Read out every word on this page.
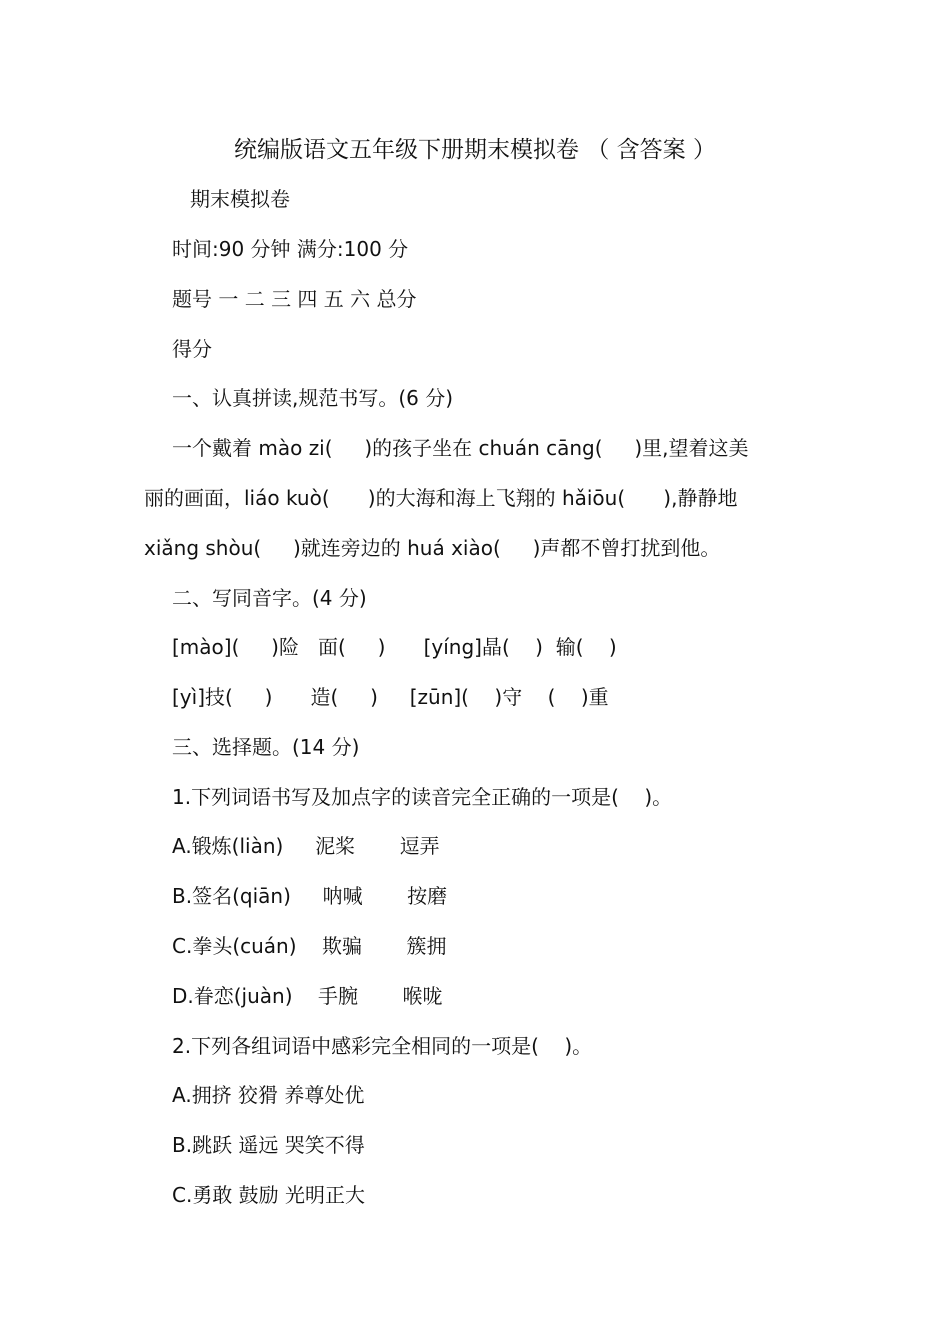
统编版语文五年级下册期末模拟卷 （ 含答案 ）
期末模拟卷
时间:90 分钟 满分:100 分
题号 一 二 三 四 五 六 总分
得分
一、认真拼读,规范书写。(6 分)
一个戴着 mào zi(     )的孩子坐在 chuán cāng(     )里,望着这美
丽的画面，liáo kuò(      )的大海和海上飞翔的 hǎiōu(      ),静静地
xiǎng shòu(     )就连旁边的 huá xiào(     )声都不曾打扰到他。
二、写同音字。(4 分)
[mào](     )险   面(     )      [yíng]晶(    )  输(    )
[yì]技(     )      造(     )     [zūn](    )守    (    )重
三、选择题。(14 分)
1.下列词语书写及加点字的读音完全正确的一项是(    )。
A.锻炼(liàn)     泥桨       逗弄
B.签名(qiān)     呐喊       按磨
C.拳头(cuán)    欺骗       簇拥
D.眷恋(juàn)    手腕       喉咙
2.下列各组词语中感彩完全相同的一项是(    )。
A.拥挤 狡猾 养尊处优
B.跳跃 遥远 哭笑不得
C.勇敢 鼓励 光明正大
